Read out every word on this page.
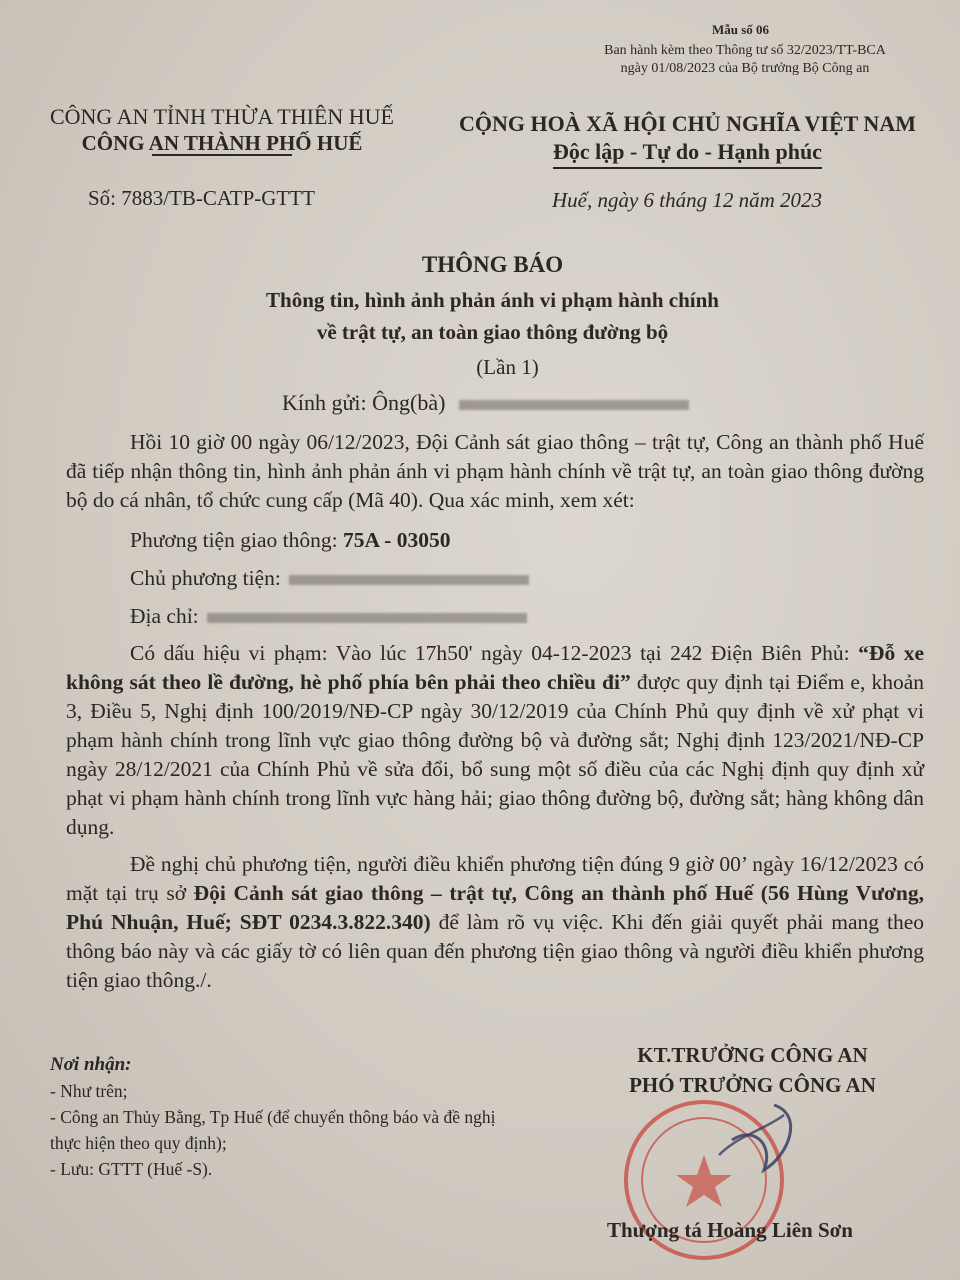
Mẫu số 06
Ban hành kèm theo Thông tư số 32/2023/TT-BCA
ngày 01/08/2023 của Bộ trưởng Bộ Công an
CÔNG AN TỈNH THỪA THIÊN HUẾ
CÔNG AN THÀNH PHỐ HUẾ
CỘNG HOÀ XÃ HỘI CHỦ NGHĨA VIỆT NAM
Độc lập - Tự do - Hạnh phúc
Số: 7883/TB-CATP-GTTT	Huế, ngày 6 tháng 12 năm 2023
THÔNG BÁO
Thông tin, hình ảnh phản ánh vi phạm hành chính
về trật tự, an toàn giao thông đường bộ
(Lần 1)
Kính gửi: Ông(bà)

Hồi 10 giờ 00 ngày 06/12/2023, Đội Cảnh sát giao thông – trật tự, Công an thành phố Huế đã tiếp nhận thông tin, hình ảnh phản ánh vi phạm hành chính về trật tự, an toàn giao thông đường bộ do cá nhân, tổ chức cung cấp (Mã 40). Qua xác minh, xem xét:

Phương tiện giao thông: 75A - 03050

Chủ phương tiện:

Địa chỉ:

Có dấu hiệu vi phạm: Vào lúc 17h50' ngày 04-12-2023 tại 242 Điện Biên Phủ: “Đỗ xe không sát theo lề đường, hè phố phía bên phải theo chiều đi” được quy định tại Điểm e, khoản 3, Điều 5, Nghị định 100/2019/NĐ-CP ngày 30/12/2019 của Chính Phủ quy định về xử phạt vi phạm hành chính trong lĩnh vực giao thông đường bộ và đường sắt; Nghị định 123/2021/NĐ-CP ngày 28/12/2021 của Chính Phủ về sửa đổi, bổ sung một số điều của các Nghị định quy định xử phạt vi phạm hành chính trong lĩnh vực hàng hải; giao thông đường bộ, đường sắt; hàng không dân dụng.

Đề nghị chủ phương tiện, người điều khiển phương tiện đúng 9 giờ 00’ ngày 16/12/2023 có mặt tại trụ sở Đội Cảnh sát giao thông – trật tự, Công an thành phố Huế (56 Hùng Vương, Phú Nhuận, Huế; SĐT 0234.3.822.340) để làm rõ vụ việc. Khi đến giải quyết phải mang theo thông báo này và các giấy tờ có liên quan đến phương tiện giao thông và người điều khiển phương tiện giao thông./.

Nơi nhận:
- Như trên;
- Công an Thủy Bằng, Tp Huế (để chuyển thông báo và đề nghị thực hiện theo quy định);
- Lưu: GTTT (Huế -S).
KT.TRƯỞNG CÔNG AN
PHÓ TRƯỞNG CÔNG AN
Thượng tá Hoàng Liên Sơn
